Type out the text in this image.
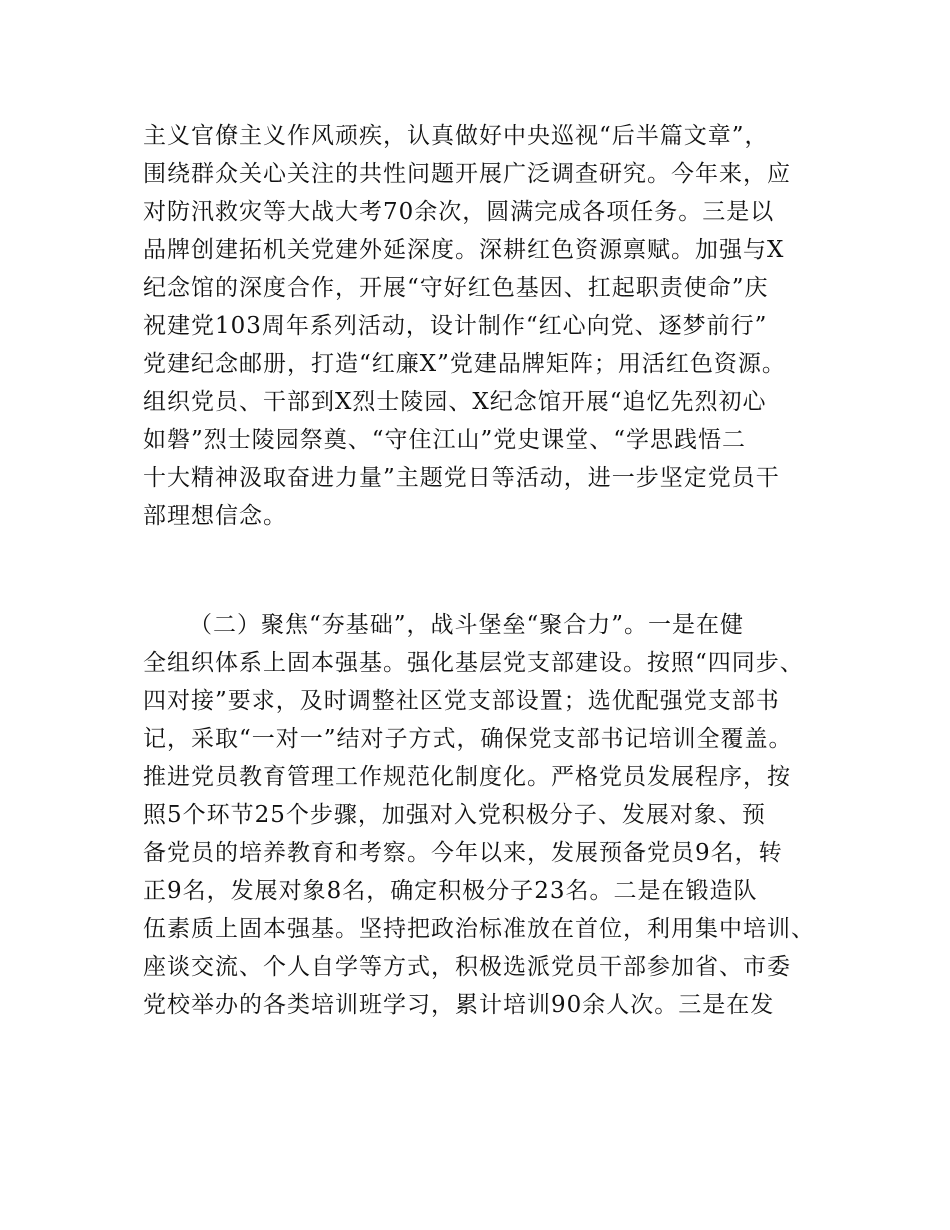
主义官僚主义作风顽疾，认真做好中央巡视“后半篇文章”，
围绕群众关心关注的共性问题开展广泛调查研究。今年来，应
对防汛救灾等大战大考70余次，圆满完成各项任务。三是以
品牌创建拓机关党建外延深度。深耕红色资源禀赋。加强与X
纪念馆的深度合作，开展“守好红色基因、扛起职责使命”庆
祝建党103周年系列活动，设计制作“红心向党、逐梦前行”
党建纪念邮册，打造“红廉X”党建品牌矩阵；用活红色资源。
组织党员、干部到X烈士陵园、X纪念馆开展“追忆先烈初心
如磐”烈士陵园祭奠、“守住江山”党史课堂、“学思践悟二
十大精神汲取奋进力量”主题党日等活动，进一步坚定党员干
部理想信念。
（二）聚焦“夯基础”，战斗堡垒“聚合力”。一是在健
全组织体系上固本强基。强化基层党支部建设。按照“四同步、
四对接”要求，及时调整社区党支部设置；选优配强党支部书
记，采取“一对一”结对子方式，确保党支部书记培训全覆盖。
推进党员教育管理工作规范化制度化。严格党员发展程序，按
照5个环节25个步骤，加强对入党积极分子、发展对象、预
备党员的培养教育和考察。今年以来，发展预备党员9名，转
正9名，发展对象8名，确定积极分子23名。二是在锻造队
伍素质上固本强基。坚持把政治标准放在首位，利用集中培训、
座谈交流、个人自学等方式，积极选派党员干部参加省、市委
党校举办的各类培训班学习，累计培训90余人次。三是在发
